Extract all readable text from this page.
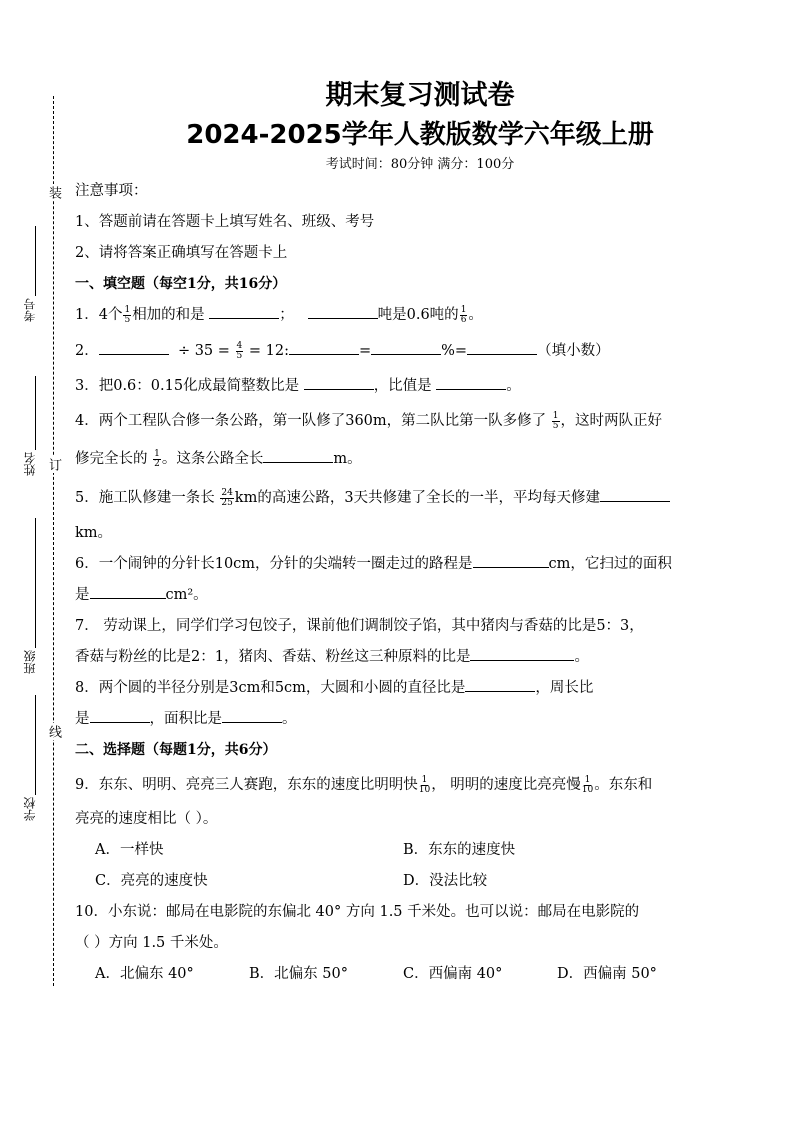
装
订
线
考号
姓名
班级
学校
期末复习测试卷
2024-2025学年人教版数学六年级上册
考试时间：80分钟 满分：100分
注意事项：
1、答题前请在答题卡上填写姓名、班级、考号
2、请将答案正确填写在答题卡上
一、填空题（每空1分，共16分）
1．4个 $\frac{1}{5}$ 相加的和是	；	吨是0.6吨的 $\frac{1}{6}$ 。
2．	÷ $35 = \frac{4}{5} = 12$:	=	%=	（填小数）
3．把0.6：0.15化成最简整数比是	，比值是	。
4．两个工程队合修一条公路，第一队修了360m，第二队比第一队多修了 $\frac{1}{5}$ ，这时两队正好
修完全长的 $\frac{1}{2}$ 。这条公路全长	m。
5．施工队修建一条长 $\frac{24}{25}$ km的高速公路，3天共修建了全长的一半，平均每天修建
km。
6．一个闹钟的分针长10cm，分针的尖端转一圈走过的路程是	cm，它扫过的面积
是	cm²。
7． 劳动课上，同学们学习包饺子，课前他们调制饺子馅，其中猪肉与香菇的比是5：3，
香菇与粉丝的比是2：1，猪肉、香菇、粉丝这三种原料的比是	。
8．两个圆的半径分别是3cm和5cm，大圆和小圆的直径比是	，周长比
是	，面积比是	。
二、选择题（每题1分，共6分）
9．东东、明明、亮亮三人赛跑，东东的速度比明明快 $\frac{1}{10}$ ， 明明的速度比亮亮慢 $\frac{1}{10}$ 。东东和
亮亮的速度相比（ ）。
A．一样快	B．东东的速度快
C．亮亮的速度快	D．没法比较
10．小东说：邮局在电影院的东偏北 40° 方向 1.5 千米处。也可以说：邮局在电影院的
（ ）方向 1.5 千米处。
A．北偏东 40°	B．北偏东 50°	C．西偏南 40°	D．西偏南 50°
